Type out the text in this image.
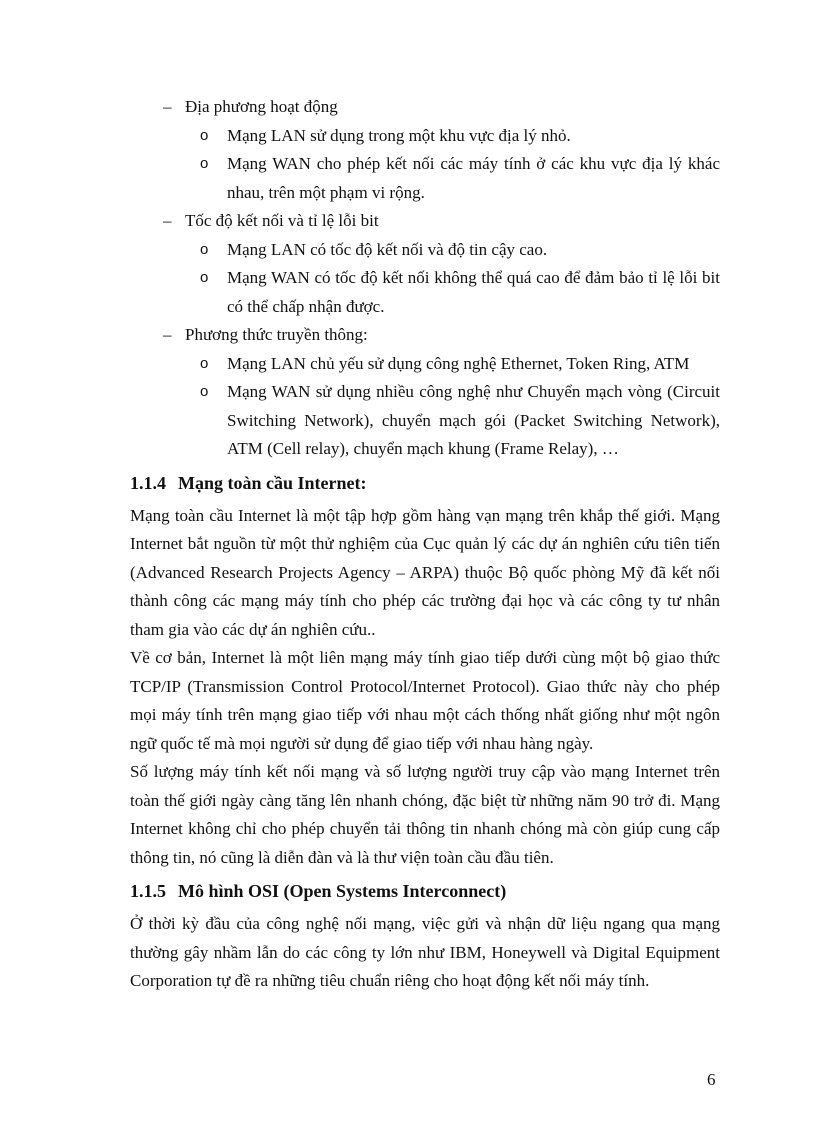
– Địa phương hoạt động
o Mạng LAN sử dụng trong một khu vực địa lý nhỏ.
o Mạng WAN cho phép kết nối các máy tính ở các khu vực địa lý khác nhau, trên một phạm vi rộng.
– Tốc độ kết nối và tỉ lệ lỗi bit
o Mạng LAN có tốc độ kết nối và độ tin cậy cao.
o Mạng WAN có tốc độ kết nối không thể quá cao để đảm bảo tỉ lệ lỗi bit có thể chấp nhận được.
– Phương thức truyền thông:
o Mạng LAN chủ yếu sử dụng công nghệ Ethernet, Token Ring, ATM
o Mạng WAN sử dụng nhiều công nghệ như Chuyển mạch vòng (Circuit Switching Network), chuyển mạch gói (Packet Switching Network), ATM (Cell relay), chuyển mạch khung (Frame Relay), …
1.1.4 Mạng toàn cầu Internet:
Mạng toàn cầu Internet là một tập hợp gồm hàng vạn mạng trên khắp thế giới. Mạng Internet bắt nguồn từ một thử nghiệm của Cục quản lý các dự án nghiên cứu tiên tiến (Advanced Research Projects Agency – ARPA) thuộc Bộ quốc phòng Mỹ đã kết nối thành công các mạng máy tính cho phép các trường đại học và các công ty tư nhân tham gia vào các dự án nghiên cứu..
Về cơ bản, Internet là một liên mạng máy tính giao tiếp dưới cùng một bộ giao thức TCP/IP (Transmission Control Protocol/Internet Protocol). Giao thức này cho phép mọi máy tính trên mạng giao tiếp với nhau một cách thống nhất giống như một ngôn ngữ quốc tế mà mọi người sử dụng để giao tiếp với nhau hàng ngày.
Số lượng máy tính kết nối mạng và số lượng người truy cập vào mạng Internet trên toàn thế giới ngày càng tăng lên nhanh chóng, đặc biệt từ những năm 90 trở đi. Mạng Internet không chỉ cho phép chuyển tải thông tin nhanh chóng mà còn giúp cung cấp thông tin, nó cũng là diễn đàn và là thư viện toàn cầu đầu tiên.
1.1.5 Mô hình OSI (Open Systems Interconnect)
Ở thời kỳ đầu của công nghệ nối mạng, việc gửi và nhận dữ liệu ngang qua mạng thường gây nhầm lẫn do các công ty lớn như IBM, Honeywell và Digital Equipment Corporation tự đề ra những tiêu chuẩn riêng cho hoạt động kết nối máy tính.
6
